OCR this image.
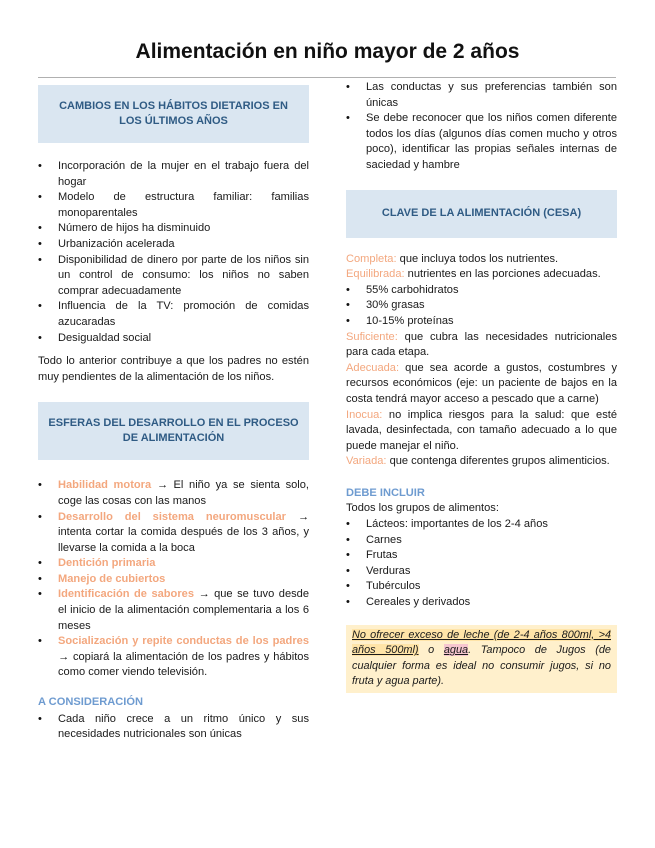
Alimentación en niño mayor de 2 años
CAMBIOS EN LOS HÁBITOS DIETARIOS EN LOS ÚLTIMOS AÑOS
• Incorporación de la mujer en el trabajo fuera del hogar
• Modelo de estructura familiar: familias monoparentales
• Número de hijos ha disminuido
• Urbanización acelerada
• Disponibilidad de dinero por parte de los niños sin un control de consumo: los niños no saben comprar adecuadamente
• Influencia de la TV: promoción de comidas azucaradas
• Desigualdad social

Todo lo anterior contribuye a que los padres no estén muy pendientes de la alimentación de los niños.

ESFERAS DEL DESARROLLO EN EL PROCESO DE ALIMENTACIÓN
• Habilidad motora → El niño ya se sienta solo, coge las cosas con las manos
• Desarrollo del sistema neuromuscular → intenta cortar la comida después de los 3 años, y llevarse la comida a la boca
• Dentición primaria
• Manejo de cubiertos
• Identificación de sabores → que se tuvo desde el inicio de la alimentación complementaria a los 6 meses
• Socialización y repite conductas de los padres → copiará la alimentación de los padres y hábitos como comer viendo televisión.
A CONSIDERACIÓN
• Cada niño crece a un ritmo único y sus necesidades nutricionales son únicas
• Las conductas y sus preferencias también son únicas
• Se debe reconocer que los niños comen diferente todos los días (algunos días comen mucho y otros poco), identificar las propias señales internas de saciedad y hambre
CLAVE DE LA ALIMENTACIÓN (CESA)
Completa: que incluya todos los nutrientes.
Equilibrada: nutrientes en las porciones adecuadas.
• 55% carbohidratos
• 30% grasas
• 10-15% proteínas
Suficiente: que cubra las necesidades nutricionales para cada etapa.
Adecuada: que sea acorde a gustos, costumbres y recursos económicos (eje: un paciente de bajos en la costa tendrá mayor acceso a pescado que a carne)
Inocua: no implica riesgos para la salud: que esté lavada, desinfectada, con tamaño adecuado a lo que puede manejar el niño.
Variada: que contenga diferentes grupos alimenticios.
DEBE INCLUIR
Todos los grupos de alimentos:
• Lácteos: importantes de los 2-4 años
• Carnes
• Frutas
• Verduras
• Tubérculos
• Cereales y derivados
No ofrecer exceso de leche (de 2-4 años 800ml, >4 años 500ml) o agua. Tampoco de Jugos (de cualquier forma es ideal no consumir jugos, si no fruta y agua parte).
